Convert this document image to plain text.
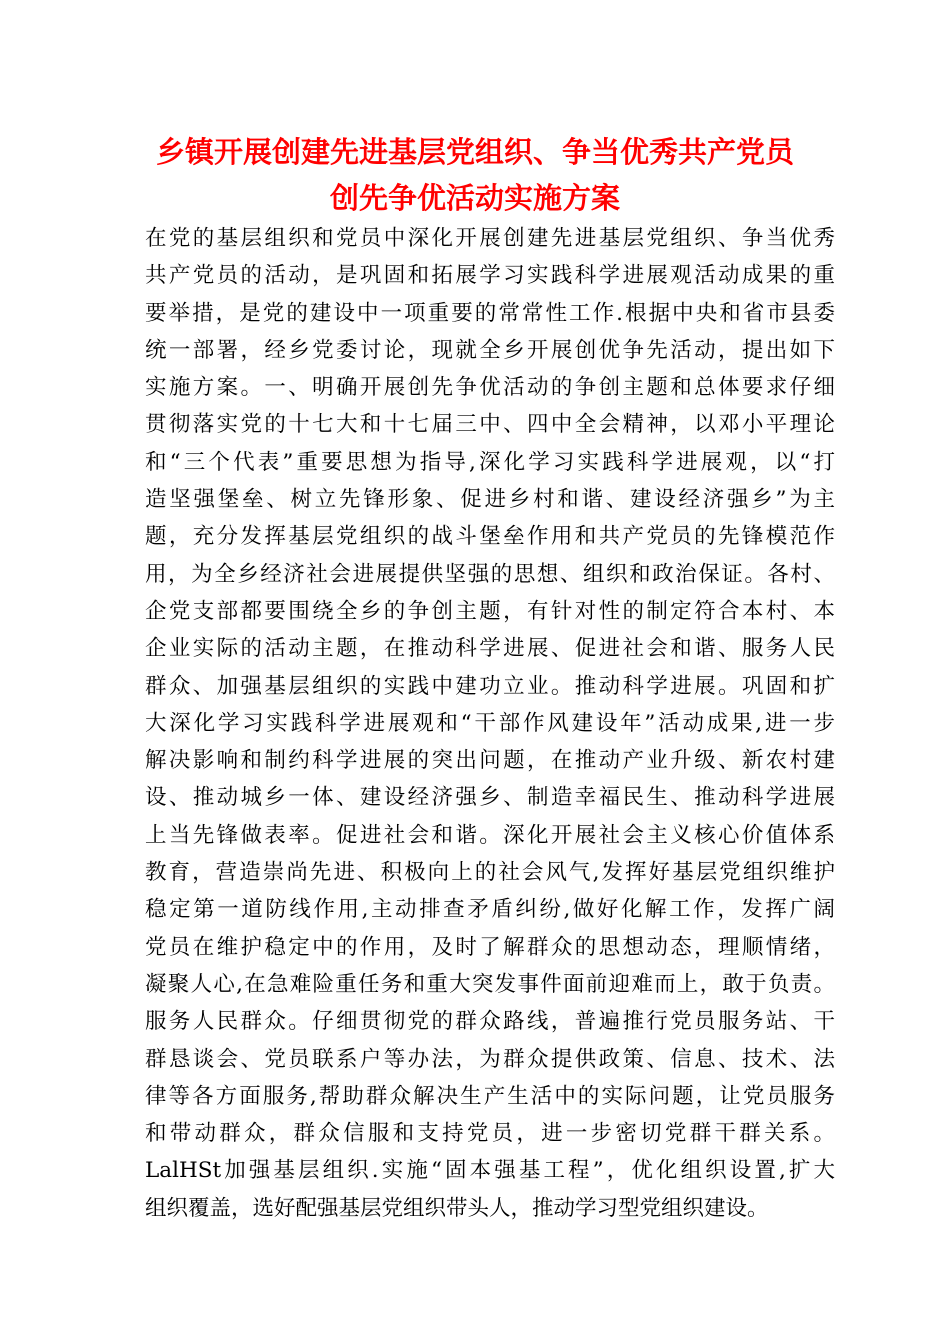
乡镇开展创建先进基层党组织、争当优秀共产党员
创先争优活动实施方案
在党的基层组织和党员中深化开展创建先进基层党组织、争当优秀
共产党员的活动，是巩固和拓展学习实践科学进展观活动成果的重
要举措，是党的建设中一项重要的常常性工作.根据中央和省市县委
统一部署，经乡党委讨论，现就全乡开展创优争先活动，提出如下
实施方案。一、明确开展创先争优活动的争创主题和总体要求仔细
贯彻落实党的十七大和十七届三中、四中全会精神，以邓小平理论
和“三个代表”重要思想为指导,深化学习实践科学进展观，以“打
造坚强堡垒、树立先锋形象、促进乡村和谐、建设经济强乡”为主
题，充分发挥基层党组织的战斗堡垒作用和共产党员的先锋模范作
用，为全乡经济社会进展提供坚强的思想、组织和政治保证。各村、
企党支部都要围绕全乡的争创主题，有针对性的制定符合本村、本
企业实际的活动主题，在推动科学进展、促进社会和谐、服务人民
群众、加强基层组织的实践中建功立业。推动科学进展。巩固和扩
大深化学习实践科学进展观和“干部作风建设年”活动成果,进一步
解决影响和制约科学进展的突出问题，在推动产业升级、新农村建
设、推动城乡一体、建设经济强乡、制造幸福民生、推动科学进展
上当先锋做表率。促进社会和谐。深化开展社会主义核心价值体系
教育，营造崇尚先进、积极向上的社会风气,发挥好基层党组织维护
稳定第一道防线作用,主动排查矛盾纠纷,做好化解工作，发挥广阔
党员在维护稳定中的作用，及时了解群众的思想动态，理顺情绪，
凝聚人心,在急难险重任务和重大突发事件面前迎难而上，敢于负责。
服务人民群众。仔细贯彻党的群众路线，普遍推行党员服务站、干
群恳谈会、党员联系户等办法，为群众提供政策、信息、技术、法
律等各方面服务,帮助群众解决生产生活中的实际问题，让党员服务
和带动群众，群众信服和支持党员，进一步密切党群干群关系。
LalHSt加强基层组织.实施“固本强基工程”，优化组织设置,扩大
组织覆盖，选好配强基层党组织带头人，推动学习型党组织建设。
